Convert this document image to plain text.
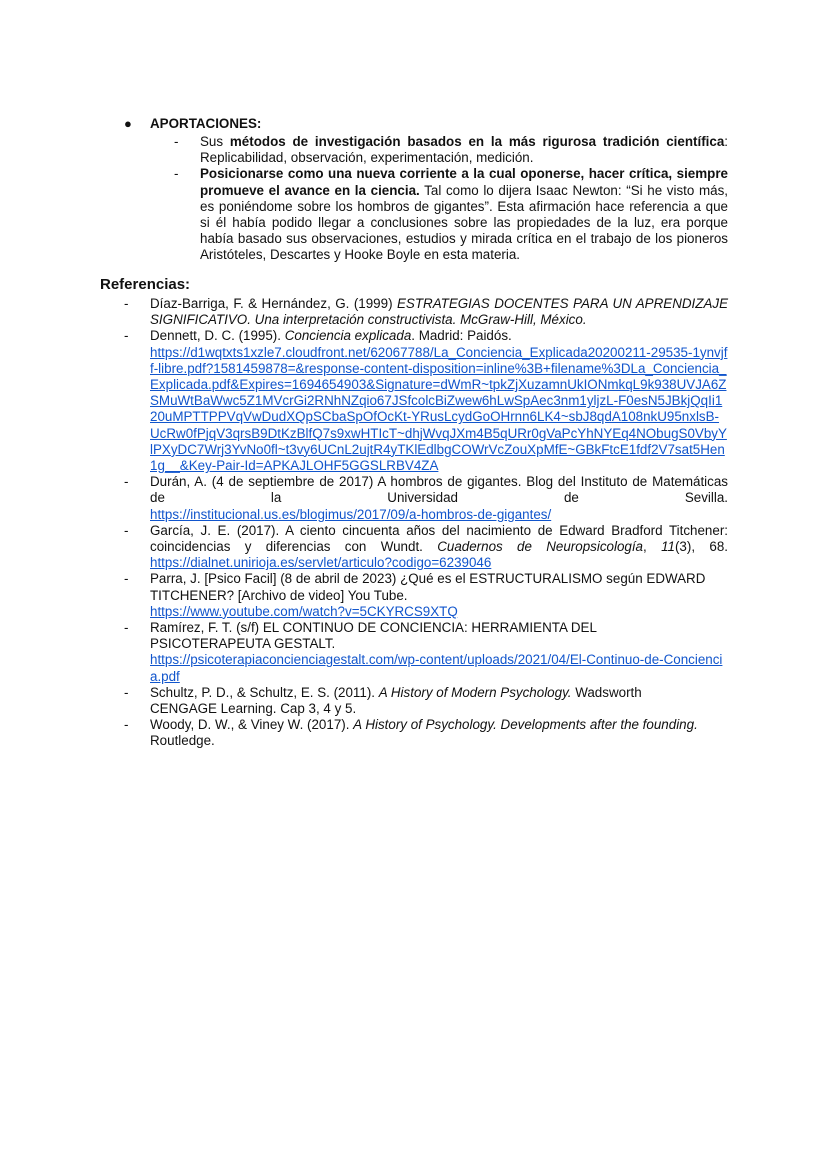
●	APORTACIONES:
-	Sus métodos de investigación basados en la más rigurosa tradición científica: Replicabilidad, observación, experimentación, medición.
-	Posicionarse como una nueva corriente a la cual oponerse, hacer crítica, siempre promueve el avance en la ciencia. Tal como lo dijera Isaac Newton: “Si he visto más, es poniéndome sobre los hombros de gigantes”. Esta afirmación hace referencia a que si él había podido llegar a conclusiones sobre las propiedades de la luz, era porque había basado sus observaciones, estudios y mirada crítica en el trabajo de los pioneros Aristóteles, Descartes y Hooke Boyle en esta materia.
Referencias:
-	Díaz-Barriga, F. & Hernández, G. (1999) ESTRATEGIAS DOCENTES PARA UN APRENDIZAJE SIGNIFICATIVO. Una interpretación constructivista. McGraw-Hill, México.
-	Dennett, D. C. (1995). Conciencia explicada. Madrid: Paidós.
https://d1wqtxts1xzle7.cloudfront.net/62067788/La_Conciencia_Explicada20200211-29535-1ynvjff-libre.pdf?1581459878=&response-content-disposition=inline%3B+filename%3DLa_Conciencia_Explicada.pdf&Expires=1694654903&Signature=dWmR~tpkZjXuzamnUkIONmkqL9k938UVJA6ZSMuWtBaWwc5Z1MVcrGi2RNhNZqio67JSfcolcBiZwew6hLwSpAec3nm1yljzL-F0esN5JBkjQqIi120uMPTTPPVqVwDudXQpSCbaSpOfOcKt-YRusLcydGoOHrnn6LK4~sbJ8qdA108nkU95nxlsB-UcRw0fPjqV3qrsB9DtKzBlfQ7s9xwHTIcT~dhjWvqJXm4B5qURr0gVaPcYhNYEq4NObugS0VbyYlPXyDC7Wrj3YvNo0fl~t3vy6UCnL2ujtR4yTKlEdlbgCOWrVcZouXpMfE~GBkFtcE1fdf2V7sat5Hen1g__&Key-Pair-Id=APKAJLOHF5GGSLRBV4ZA
-	Durán, A. (4 de septiembre de 2017) A hombros de gigantes. Blog del Instituto de Matemáticas de la Universidad de Sevilla.
https://institucional.us.es/blogimus/2017/09/a-hombros-de-gigantes/
-	García, J. E. (2017). A ciento cincuenta años del nacimiento de Edward Bradford Titchener: coincidencias y diferencias con Wundt. Cuadernos de Neuropsicología, 11(3), 68.
https://dialnet.unirioja.es/servlet/articulo?codigo=6239046
-	Parra, J. [Psico Facil] (8 de abril de 2023) ¿Qué es el ESTRUCTURALISMO según EDWARD TITCHENER? [Archivo de video] You Tube.
https://www.youtube.com/watch?v=5CKYRCS9XTQ
-	Ramírez, F. T. (s/f) EL CONTINUO DE CONCIENCIA: HERRAMIENTA DEL PSICOTERAPEUTA GESTALT.
https://psicoterapiaconcienciagestalt.com/wp-content/uploads/2021/04/El-Continuo-de-Conciencia.pdf
-	Schultz, P. D., & Schultz, E. S. (2011). A History of Modern Psychology. Wadsworth CENGAGE Learning. Cap 3, 4 y 5.
-	Woody, D. W., & Viney W. (2017). A History of Psychology. Developments after the founding. Routledge.
